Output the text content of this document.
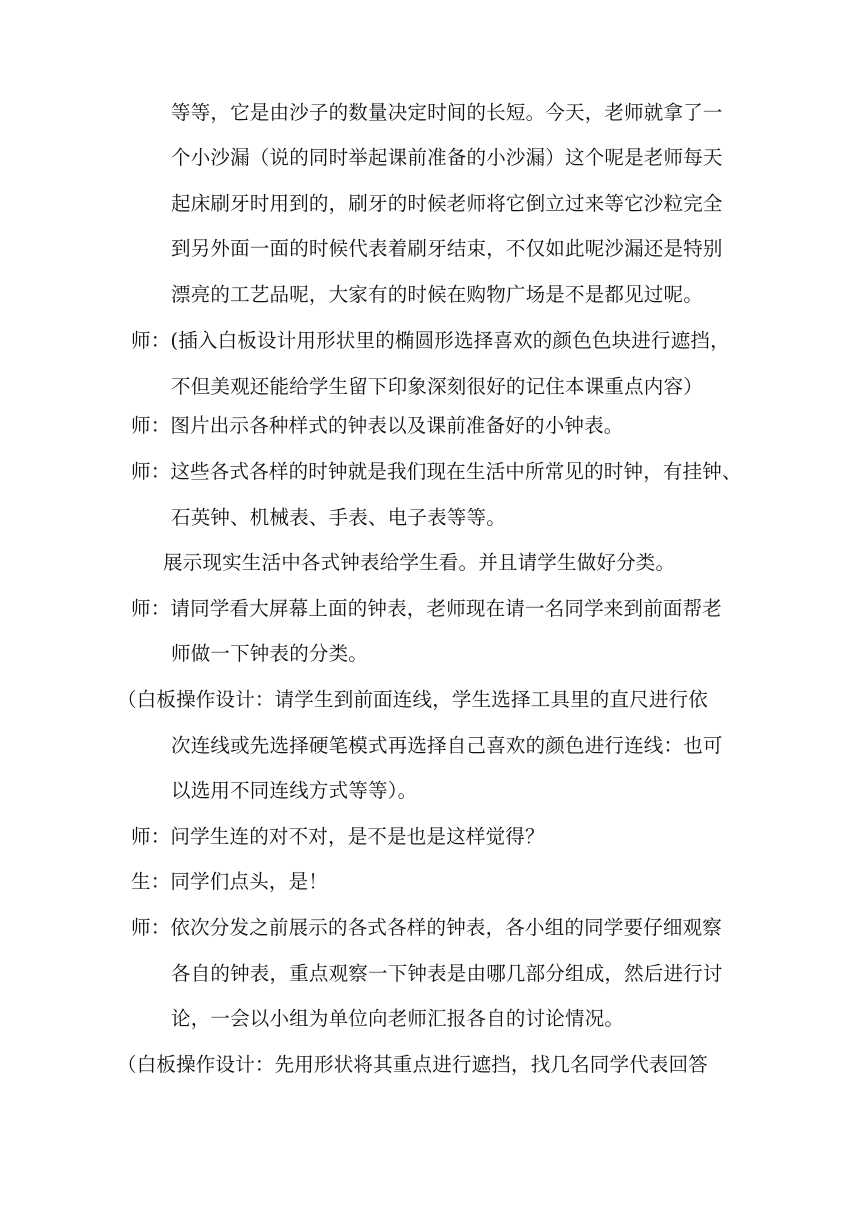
等等，它是由沙子的数量决定时间的长短。今天，老师就拿了一
个小沙漏（说的同时举起课前准备的小沙漏）这个呢是老师每天
起床刷牙时用到的，刷牙的时候老师将它倒立过来等它沙粒完全
到另外面一面的时候代表着刷牙结束，不仅如此呢沙漏还是特别
漂亮的工艺品呢，大家有的时候在购物广场是不是都见过呢。
师：(插入白板设计用形状里的椭圆形选择喜欢的颜色色块进行遮挡，
不但美观还能给学生留下印象深刻很好的记住本课重点内容）
师：图片出示各种样式的钟表以及课前准备好的小钟表。
师：这些各式各样的时钟就是我们现在生活中所常见的时钟，有挂钟、
石英钟、机械表、手表、电子表等等。
展示现实生活中各式钟表给学生看。并且请学生做好分类。
师：请同学看大屏幕上面的钟表，老师现在请一名同学来到前面帮老
师做一下钟表的分类。
（白板操作设计：请学生到前面连线，学生选择工具里的直尺进行依
次连线或先选择硬笔模式再选择自己喜欢的颜色进行连线：也可
以选用不同连线方式等等）。
师：问学生连的对不对，是不是也是这样觉得？
生：同学们点头，是！
师：依次分发之前展示的各式各样的钟表，各小组的同学要仔细观察
各自的钟表，重点观察一下钟表是由哪几部分组成，然后进行讨
论，一会以小组为单位向老师汇报各自的讨论情况。
（白板操作设计：先用形状将其重点进行遮挡，找几名同学代表回答
